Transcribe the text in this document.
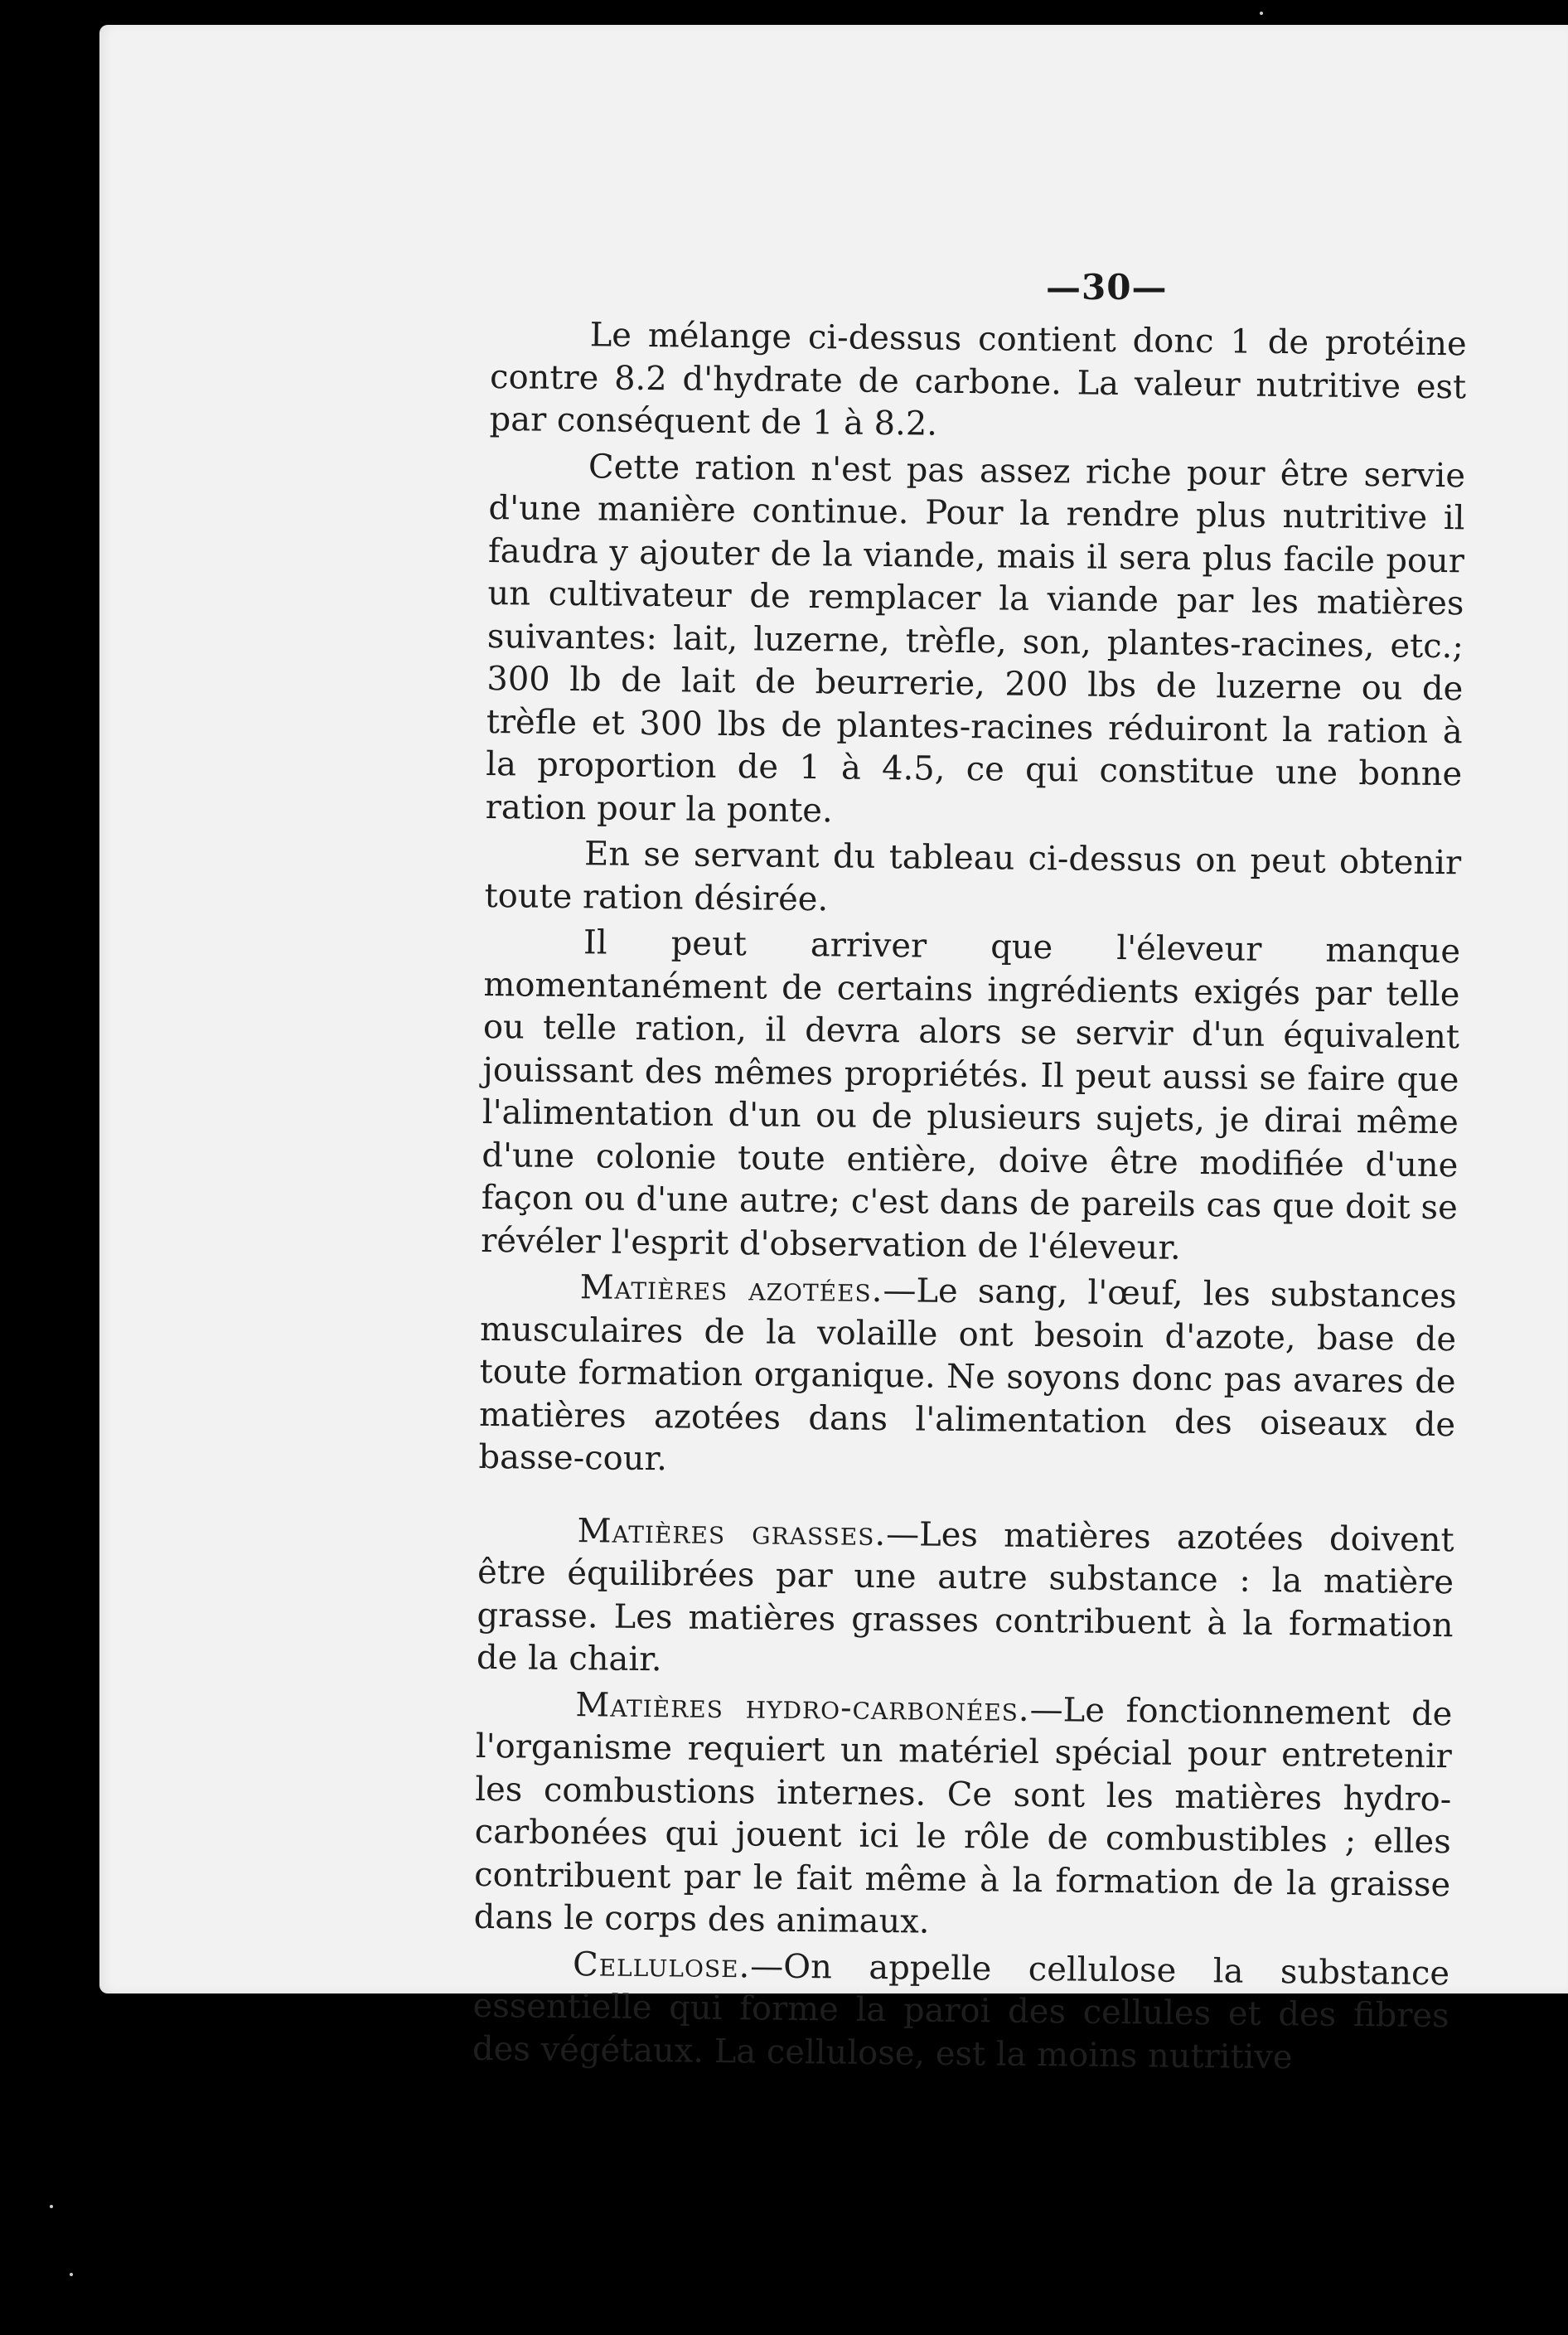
—30—

Le mélange ci-dessus contient donc 1 de protéine contre 8.2 d'hydrate de carbone. La valeur nutritive est par conséquent de 1 à 8.2.

Cette ration n'est pas assez riche pour être servie d'une manière continue. Pour la rendre plus nutritive il faudra y ajouter de la viande, mais il sera plus facile pour un cultivateur de remplacer la viande par les matières suivantes: lait, luzerne, trèfle, son, plantes-racines, etc.; 300 lb de lait de beurrerie, 200 lbs de luzerne ou de trèfle et 300 lbs de plantes-racines réduiront la ration à la proportion de 1 à 4.5, ce qui constitue une bonne ration pour la ponte.

En se servant du tableau ci-dessus on peut obtenir toute ration désirée.

Il peut arriver que l'éleveur manque momentanément de certains ingrédients exigés par telle ou telle ration, il devra alors se servir d'un équivalent jouissant des mêmes propriétés. Il peut aussi se faire que l'alimentation d'un ou de plusieurs sujets, je dirai même d'une colonie toute entière, doive être modifiée d'une façon ou d'une autre; c'est dans de pareils cas que doit se révéler l'esprit d'observation de l'éleveur.

Matières azotées.—Le sang, l'œuf, les substances musculaires de la volaille ont besoin d'azote, base de toute formation organique. Ne soyons donc pas avares de matières azotées dans l'alimentation des oiseaux de basse-cour.

Matières grasses.—Les matières azotées doivent être équilibrées par une autre substance : la matière grasse. Les matières grasses contribuent à la formation de la chair.

Matières hydro-carbonées.—Le fonctionnement de l'organisme requiert un matériel spécial pour entretenir les combustions internes. Ce sont les matières hydro-carbonées qui jouent ici le rôle de combustibles ; elles contribuent par le fait même à la formation de la graisse dans le corps des animaux.

Cellulose.—On appelle cellulose la substance essentielle qui forme la paroi des cellules et des fibres des végétaux. La cellulose, est la moins nutritive
